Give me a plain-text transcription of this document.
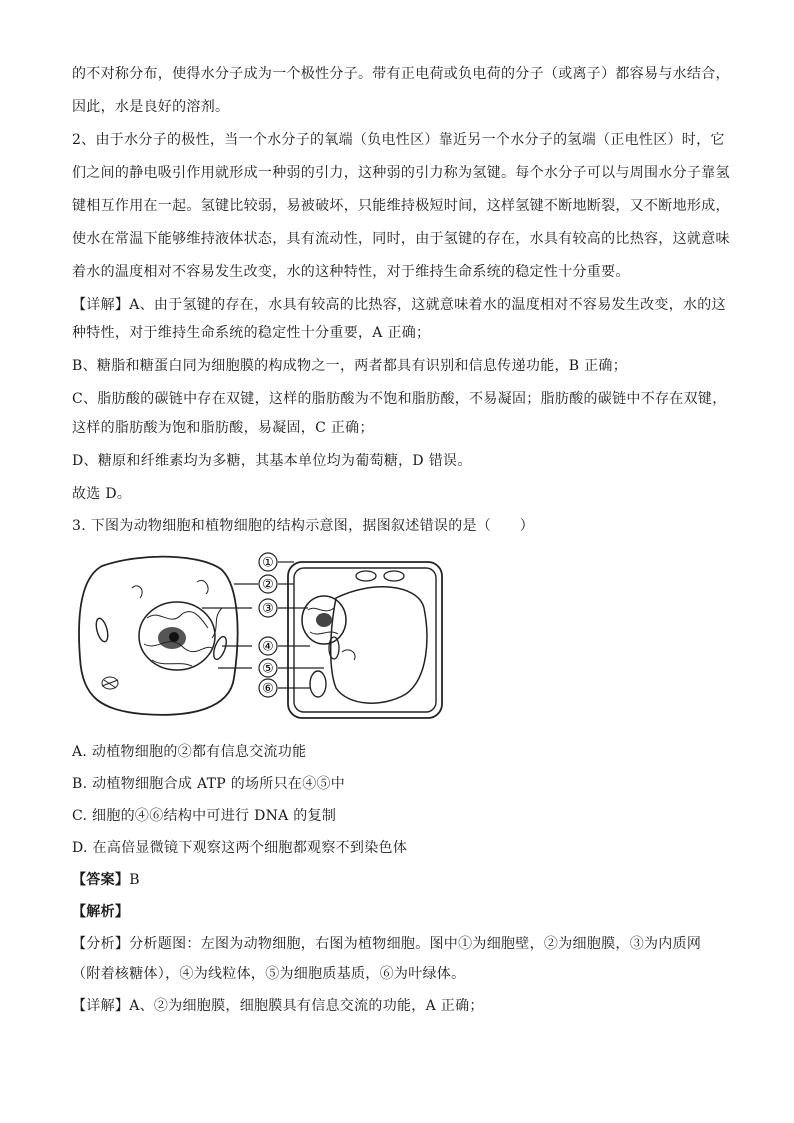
的不对称分布，使得水分子成为一个极性分子。带有正电荷或负电荷的分子（或离子）都容易与水结合，
因此，水是良好的溶剂。
2、由于水分子的极性，当一个水分子的氧端（负电性区）靠近另一个水分子的氢端（正电性区）时，它
们之间的静电吸引作用就形成一种弱的引力，这种弱的引力称为氢键。每个水分子可以与周围水分子靠氢
键相互作用在一起。氢键比较弱，易被破坏，只能维持极短时间，这样氢键不断地断裂，又不断地形成，
使水在常温下能够维持液体状态，具有流动性，同时，由于氢键的存在，水具有较高的比热容，这就意味
着水的温度相对不容易发生改变，水的这种特性，对于维持生命系统的稳定性十分重要。
【详解】A、由于氢键的存在，水具有较高的比热容，这就意味着水的温度相对不容易发生改变，水的这
种特性，对于维持生命系统的稳定性十分重要，A 正确；
B、糖脂和糖蛋白同为细胞膜的构成物之一，两者都具有识别和信息传递功能，B 正确；
C、脂肪酸的碳链中存在双键，这样的脂肪酸为不饱和脂肪酸，不易凝固；脂肪酸的碳链中不存在双键，
这样的脂肪酸为饱和脂肪酸，易凝固，C 正确；
D、糖原和纤维素均为多糖，其基本单位均为葡萄糖，D 错误。
故选 D。
3. 下图为动物细胞和植物细胞的结构示意图，据图叙述错误的是（　　）
①
②
③
④
⑤
⑥
A. 动植物细胞的②都有信息交流功能
B. 动植物细胞合成 ATP 的场所只在④⑤中
C. 细胞的④⑥结构中可进行 DNA 的复制
D. 在高倍显微镜下观察这两个细胞都观察不到染色体
【答案】B
【解析】
【分析】分析题图：左图为动物细胞，右图为植物细胞。图中①为细胞壁，②为细胞膜，③为内质网
（附着核糖体），④为线粒体，⑤为细胞质基质，⑥为叶绿体。
【详解】A、②为细胞膜，细胞膜具有信息交流的功能，A 正确；
